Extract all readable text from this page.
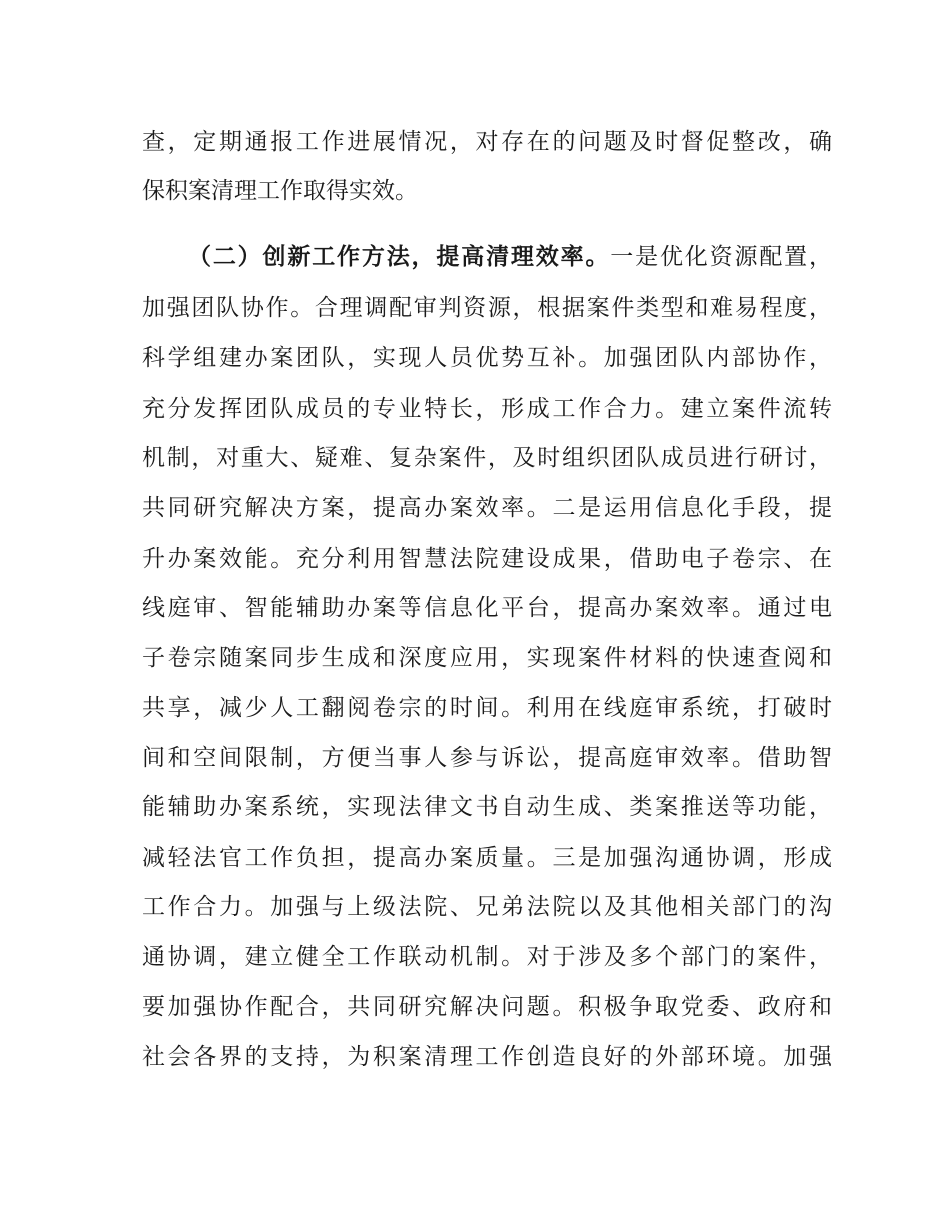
查，定期通报工作进展情况，对存在的问题及时督促整改，确
保积案清理工作取得实效。
（二）创新工作方法，提高清理效率。一是优化资源配置，
加强团队协作。合理调配审判资源，根据案件类型和难易程度，
科学组建办案团队，实现人员优势互补。加强团队内部协作，
充分发挥团队成员的专业特长，形成工作合力。建立案件流转
机制，对重大、疑难、复杂案件，及时组织团队成员进行研讨，
共同研究解决方案，提高办案效率。二是运用信息化手段，提
升办案效能。充分利用智慧法院建设成果，借助电子卷宗、在
线庭审、智能辅助办案等信息化平台，提高办案效率。通过电
子卷宗随案同步生成和深度应用，实现案件材料的快速查阅和
共享，减少人工翻阅卷宗的时间。利用在线庭审系统，打破时
间和空间限制，方便当事人参与诉讼，提高庭审效率。借助智
能辅助办案系统，实现法律文书自动生成、类案推送等功能，
减轻法官工作负担，提高办案质量。三是加强沟通协调，形成
工作合力。加强与上级法院、兄弟法院以及其他相关部门的沟
通协调，建立健全工作联动机制。对于涉及多个部门的案件，
要加强协作配合，共同研究解决问题。积极争取党委、政府和
社会各界的支持，为积案清理工作创造良好的外部环境。加强
